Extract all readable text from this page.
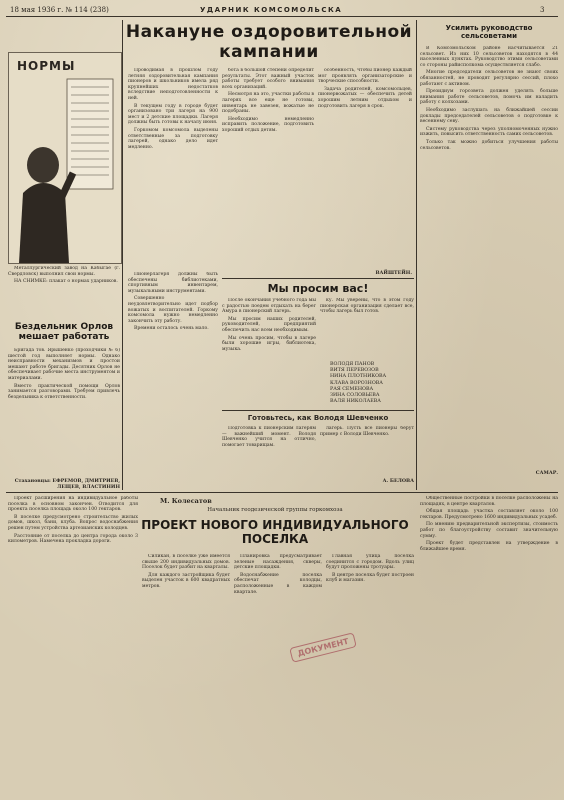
18 мая 1936 г. № 114 (238)	УДАРНИК КОМСОМОЛЬСКА	3
НОРМЫ

Металлургический завод на Кабыгае (г. Свердловск) выполнил свои нормы.

НА СНИМКЕ: плакат о нормах ударников.

Бездельник Орлов мешает работать

Бригада тов. Ярышенко (проходчики № 6) шестой год выполняет нормы. Однако неисправности механизмов и простои мешают работе бригады. Десятник Орлов не обеспечивает рабочие места инструментом и материалами.

Вместо практической помощи Орлов занимается разговорами. Требуем привлечь бездельника к ответственности.

Стахановцы: ЕФРЕМОВ, ДМИТРИЕВ, ЛЕЩЕВ, ВЛАСТИНИН
Накануне оздоровительной кампании

Проводимая в прошлом году летняя оздоровительная кампания пионеров и школьников имела ряд крупнейших недостатков вследствие неподготовленности к ней.

В текущем году в городе будет организовано три лагеря на 900 мест и 2 детские площадки. Лагеря должны быть готовы к началу июня.

Горкомом комсомола выделены ответственные за подготовку лагерей, однако дело идет медленно.

бота в большой степени определит результаты. Этот важный участок работы требует особого внимания всех организаций.

Несмотря на это, участки работы в лагерях все еще не готовы, инвентарь не завезен, вожатые не подобраны.

Необходимо немедленно исправить положение, подготовить хороший отдых детям.

особенность, чтобы пионер каждый мог проявлять организаторские и творческие способности.

Задача родителей, комсомольцев, пионервожатых — обеспечить детей хорошим летним отдыхом и подготовить лагеря в срок.

ВАЙШТЕЙН.
Мы просим вас!

После окончания учебного года мы с радостью поедем отдыхать на берег Амура в пионерский лагерь.

Мы просим наших родителей, руководителей, предприятий обеспечить нас всем необходимым.

Мы очень просим, чтобы в лагере были хорошие игры, библиотека, музыка.

ку. Мы уверены, что в этом году пионерская организация сделает все, чтобы лагерь был готов.

ВОЛОДЯ ПАНОВ
ВИТЯ ПЕРЕВОЗОВ
НИНА ПЛОТНИКОВА
КЛАВА ВОРОЗНОВА
РАЯ СЕМЕНОВА
ЗИНА СОЛОВЬЕВА
ВАЛЯ НИКОЛАЕВА
Готовьтесь, как Володя Шевченко

Подготовка к пионерским лагерям — важнейший момент. Володя Шевченко учится на отлично, помогает товарищам.

лагерь. Пусть все пионеры берут пример с Володи Шевченко.

А. БЕЛОВА

Пионерлагеря должны быть обеспечены библиотеками, спортивным инвентарем, музыкальными инструментами.

Совершенно неудовлетворительно идет подбор вожатых и воспитателей. Горкому комсомола нужно немедленно закончить эту работу.

Времени осталось очень мало.

Усилить руководство сельсоветами

В Комсомольском районе насчитывается 21 сельсовет. Из них 10 сельсоветов находятся в 44 населенных пунктах. Руководство этими сельсоветами со стороны райисполкома осуществляется слабо.

Многие председатели сельсоветов не знают своих обязанностей, не проводят регулярно сессий, плохо работают с активом.

Президиум горсовета должен уделять больше внимания работе сельсоветов, помочь им наладить работу с колхозами.

Необходимо заслушать на ближайшей сессии доклады председателей сельсоветов о подготовке к весеннему севу.

Систему руководства через уполномоченных нужно изжить, повысить ответственность самих сельсоветов.

Только так можно добиться улучшения работы сельсоветов.

САМАР.

Проект расширения на индивидуальное работы поселка в основном закончен. Отводится для проекта поселка площадь около 100 гектаров.

В поселке предусмотрено строительство жилых домов, школ, бани, клуба. Вопрос водоснабжения решен путем устройства артезианских колодцев.

Расстояние от поселка до центра города около 3 километров. Намечена прокладка дороги.

М. Колесатов
Начальник геодезической группы горкомхоза
ПРОЕКТ НОВОГО ИНДИВИДУАЛЬНОГО ПОСЕЛКА

Силикан, в поселке уже имеется свыше 200 индивидуальных домов. Поселок будет разбит на кварталы.

Для каждого застройщика будет выделен участок в 600 квадратных метров.

Планировка предусматривает зеленые насаждения, скверы, детские площадки.

Водоснабжение поселка обеспечат колодцы, расположенные в каждом квартале.

Главная улица поселка соединится с городом. Вдоль улиц будут проложены тротуары.

В центре поселка будет построен клуб и магазин.

Общественные постройки в поселке расположены на площадях, в центре кварталов.

Общая площадь участка составляет около 100 гектаров. Предусмотрено 1600 индивидуальных усадеб.

По мнению предварительной экспертизы, стоимость работ по благоустройству составит значительную сумму.

Проект будет представлен на утверждение в ближайшее время.

ДОКУМЕНТ
